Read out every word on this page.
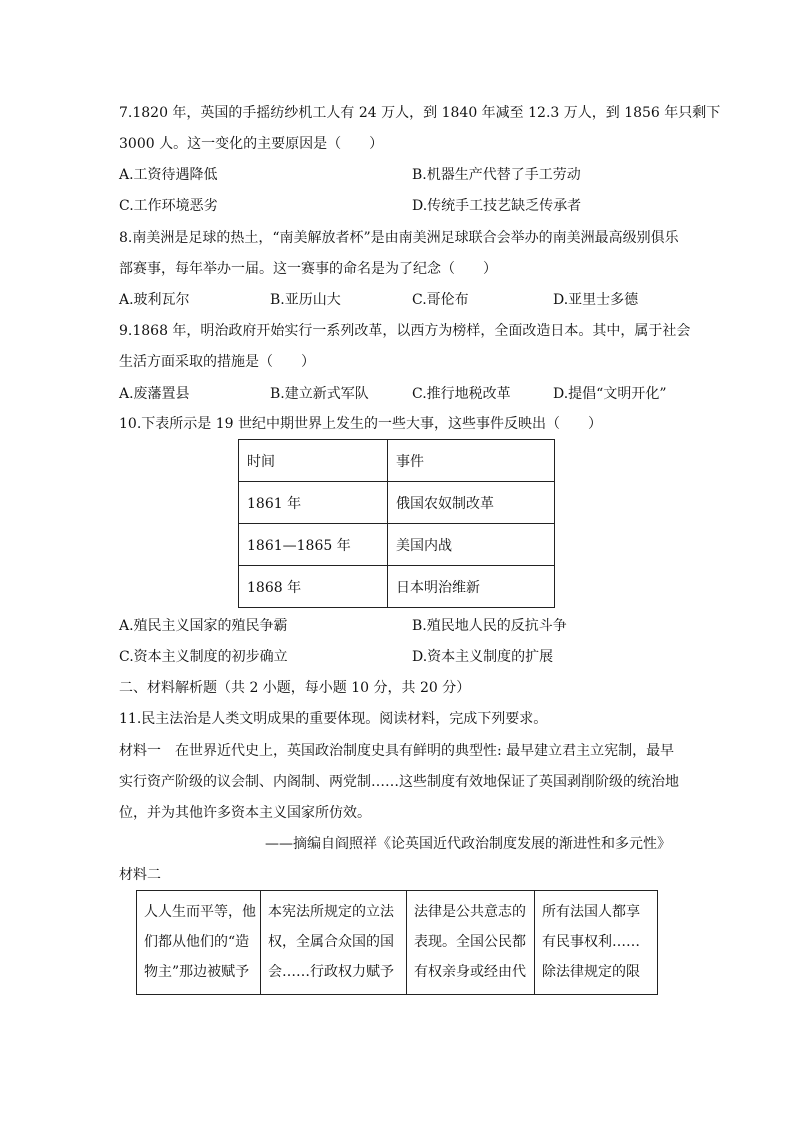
7.1820 年，英国的手摇纺纱机工人有 24 万人，到 1840 年减至 12.3 万人，到 1856 年只剩下
3000 人。这一变化的主要原因是（　　）
A.工资待遇降低	B.机器生产代替了手工劳动
C.工作环境恶劣	D.传统手工技艺缺乏传承者
8.南美洲是足球的热土，“南美解放者杯”是由南美洲足球联合会举办的南美洲最高级别俱乐
部赛事，每年举办一届。这一赛事的命名是为了纪念（　　）
A.玻利瓦尔	B.亚历山大	C.哥伦布	D.亚里士多德
9.1868 年，明治政府开始实行一系列改革，以西方为榜样，全面改造日本。其中，属于社会
生活方面采取的措施是（　　）
A.废藩置县	B.建立新式军队	C.推行地税改革	D.提倡“文明开化”
10.下表所示是 19 世纪中期世界上发生的一些大事，这些事件反映出（　　）
时间	事件
1861 年	俄国农奴制改革
1861—1865 年	美国内战
1868 年	日本明治维新
A.殖民主义国家的殖民争霸	B.殖民地人民的反抗斗争
C.资本主义制度的初步确立	D.资本主义制度的扩展
二、材料解析题（共 2 小题，每小题 10 分，共 20 分）
11.民主法治是人类文明成果的重要体现。阅读材料，完成下列要求。
材料一　在世界近代史上，英国政治制度史具有鲜明的典型性: 最早建立君主立宪制，最早
实行资产阶级的议会制、内阁制、两党制……这些制度有效地保证了英国剥削阶级的统治地
位，并为其他许多资本主义国家所仿效。
——摘编自阎照祥《论英国近代政治制度发展的渐进性和多元性》
材料二
人人生而平等，他们都从他们的“造物主”那边被赋予	本宪法所规定的立法权，全属合众国的国会……行政权力赋予	法律是公共意志的表现。全国公民都有权亲身或经由代	所有法国人都享有民事权利……除法律规定的限
